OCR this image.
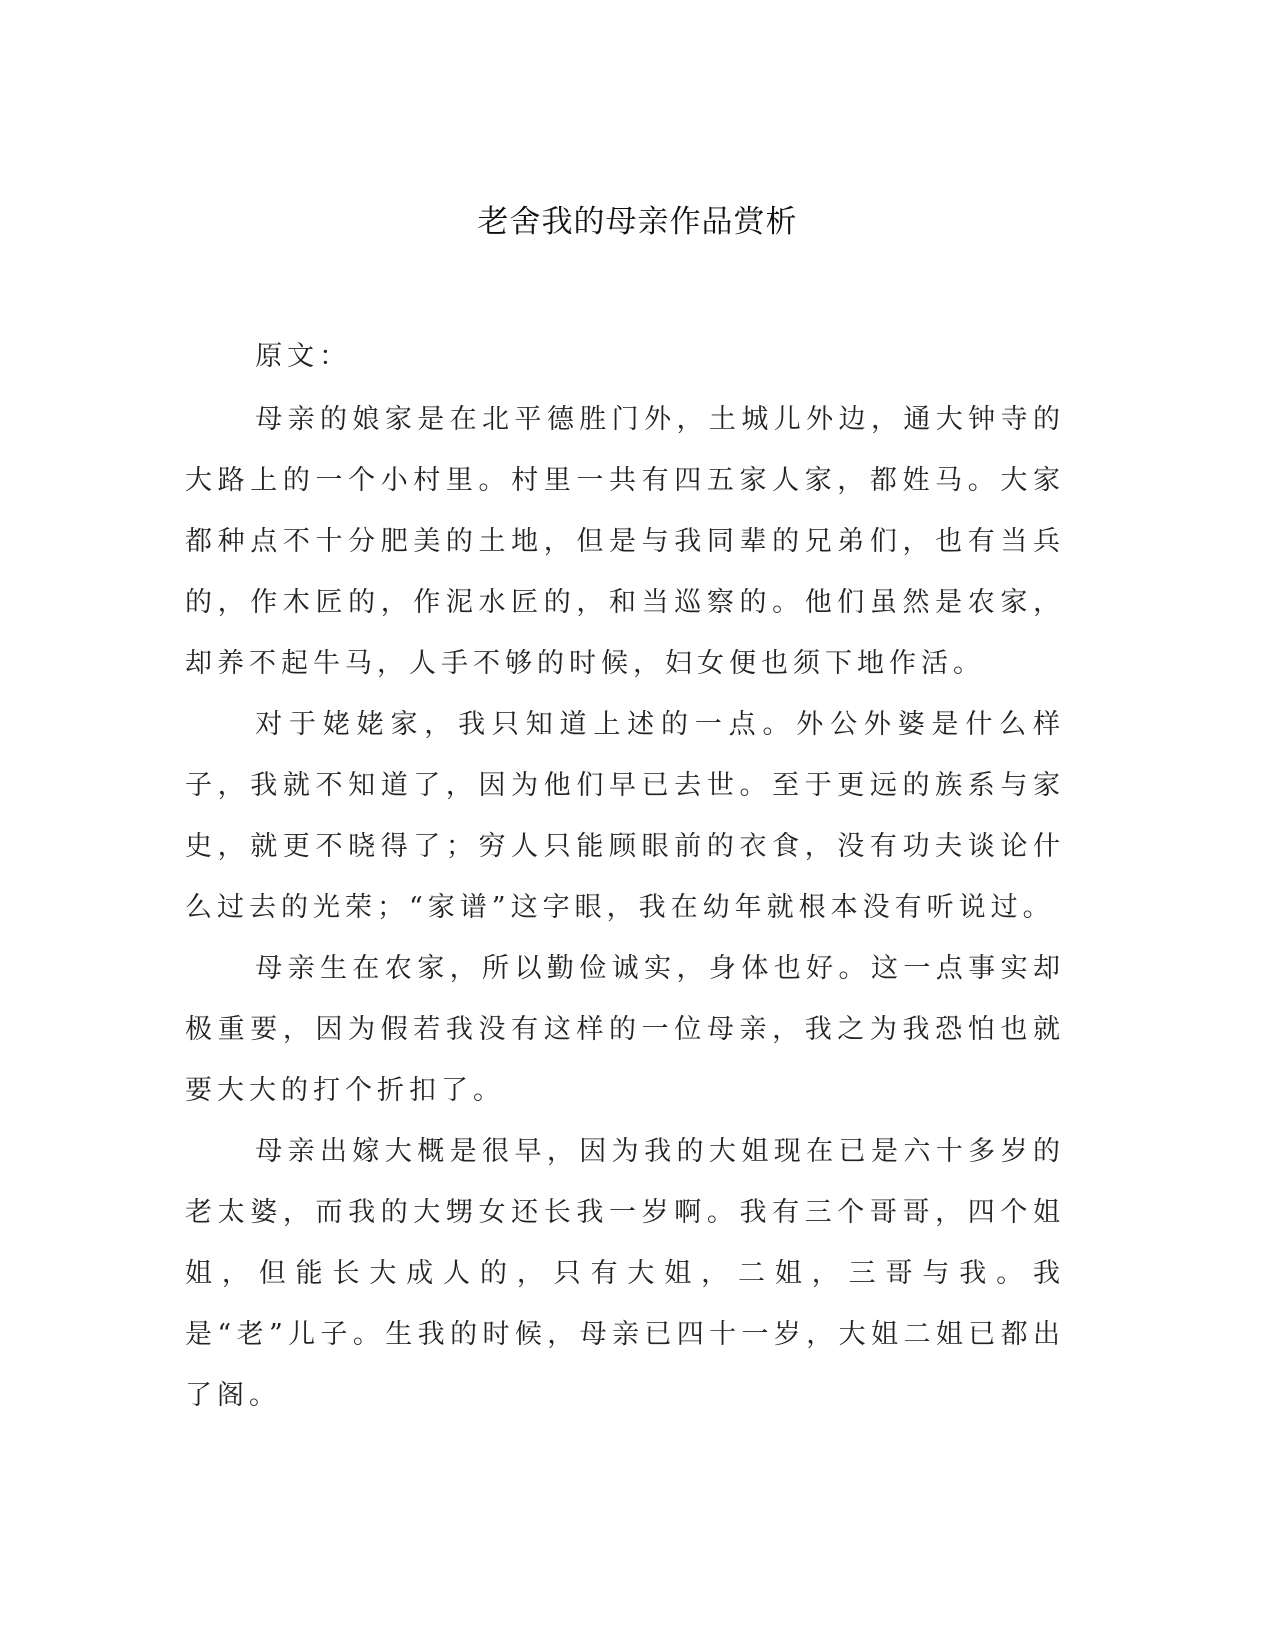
老舍我的母亲作品赏析

原文：

母亲的娘家是在北平德胜门外，土城儿外边，通大钟寺的大路上的一个小村里。村里一共有四五家人家，都姓马。大家都种点不十分肥美的土地，但是与我同辈的兄弟们，也有当兵的，作木匠的，作泥水匠的，和当巡察的。他们虽然是农家，却养不起牛马，人手不够的时候，妇女便也须下地作活。

对于姥姥家，我只知道上述的一点。外公外婆是什么样子，我就不知道了，因为他们早已去世。至于更远的族系与家史，就更不晓得了；穷人只能顾眼前的衣食，没有功夫谈论什么过去的光荣；“家谱”这字眼，我在幼年就根本没有听说过。

母亲生在农家，所以勤俭诚实，身体也好。这一点事实却极重要，因为假若我没有这样的一位母亲，我之为我恐怕也就要大大的打个折扣了。

母亲出嫁大概是很早，因为我的大姐现在已是六十多岁的老太婆，而我的大甥女还长我一岁啊。我有三个哥哥，四个姐姐，但能长大成人的，只有大姐，二姐，三哥与我。我是“老”儿子。生我的时候，母亲已四十一岁，大姐二姐已都出了阁。
